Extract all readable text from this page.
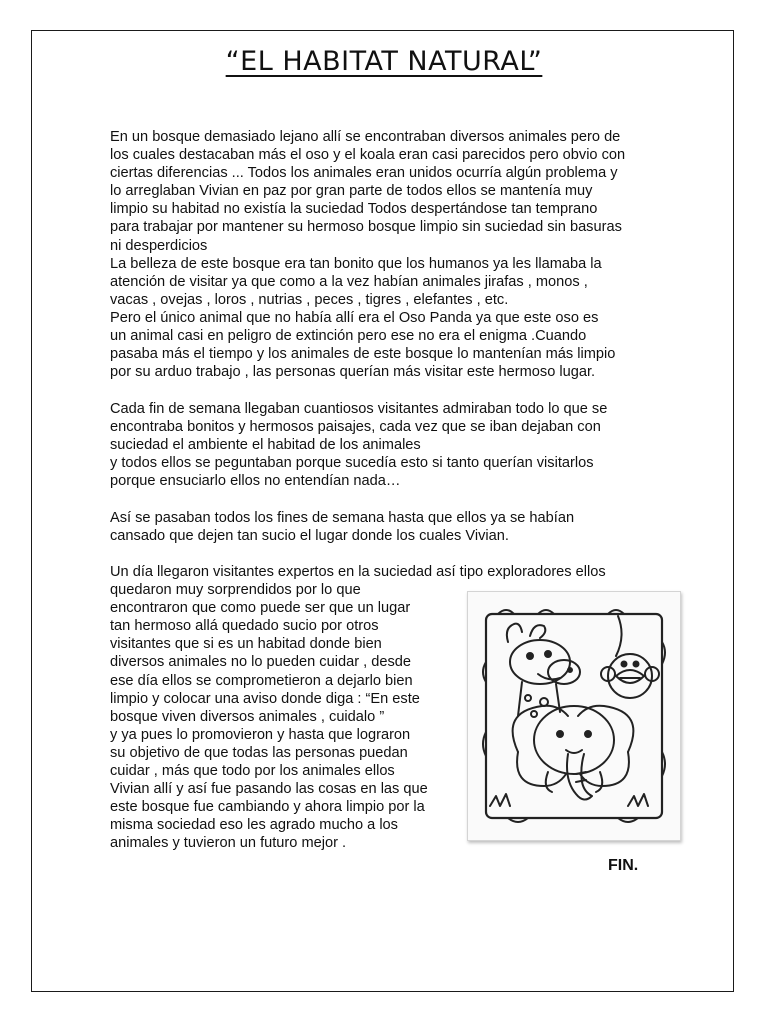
“EL HABITAT NATURAL”
En un bosque demasiado lejano allí se encontraban diversos animales pero de
los cuales destacaban más el oso y el koala eran casi parecidos pero obvio con
ciertas diferencias ... Todos los animales eran unidos ocurría algún problema y
lo arreglaban Vivian en paz por gran parte de todos ellos se mantenía muy
limpio su habitad no existía la suciedad Todos despertándose tan temprano
para trabajar por mantener su hermoso bosque limpio sin suciedad sin basuras
ni desperdicios
La belleza de este bosque era tan bonito que los humanos ya les llamaba la
atención de visitar ya que como a la vez habían animales jirafas , monos ,
vacas , ovejas , loros , nutrias , peces , tigres , elefantes , etc.
Pero el único animal que no había allí era el Oso Panda ya que este oso es
un animal casi en peligro de extinción pero ese no era el enigma .Cuando
pasaba más el tiempo y los animales de este bosque lo mantenían más limpio
por su arduo trabajo , las personas querían más visitar este hermoso lugar.
Cada fin de semana llegaban cuantiosos visitantes admiraban todo lo que se
encontraba bonitos y hermosos paisajes, cada vez que se iban dejaban con
suciedad el ambiente el habitad de los animales
y todos ellos se peguntaban porque sucedía esto si tanto querían visitarlos
porque ensuciarlo ellos no entendían nada…
Así se pasaban todos los fines de semana hasta que ellos ya se habían
cansado que dejen tan sucio el lugar donde los cuales Vivian.
Un día llegaron visitantes expertos en la suciedad así tipo exploradores ellos
quedaron muy sorprendidos por lo que
encontraron que como puede ser que un lugar
tan hermoso allá quedado sucio por otros
visitantes que si es un habitad donde bien
diversos animales no lo pueden cuidar , desde
ese día ellos se comprometieron a dejarlo bien
limpio y colocar una aviso donde diga : “En este
bosque viven diversos animales , cuidalo ”
y ya pues lo promovieron y hasta que lograron
su objetivo de que todas las personas puedan
cuidar , más que todo por los animales ellos
Vivian allí y así fue pasando las cosas en las que
este bosque fue cambiando y ahora limpio por la
misma sociedad eso les agrado mucho a los
animales y tuvieron un futuro mejor .
FIN.
